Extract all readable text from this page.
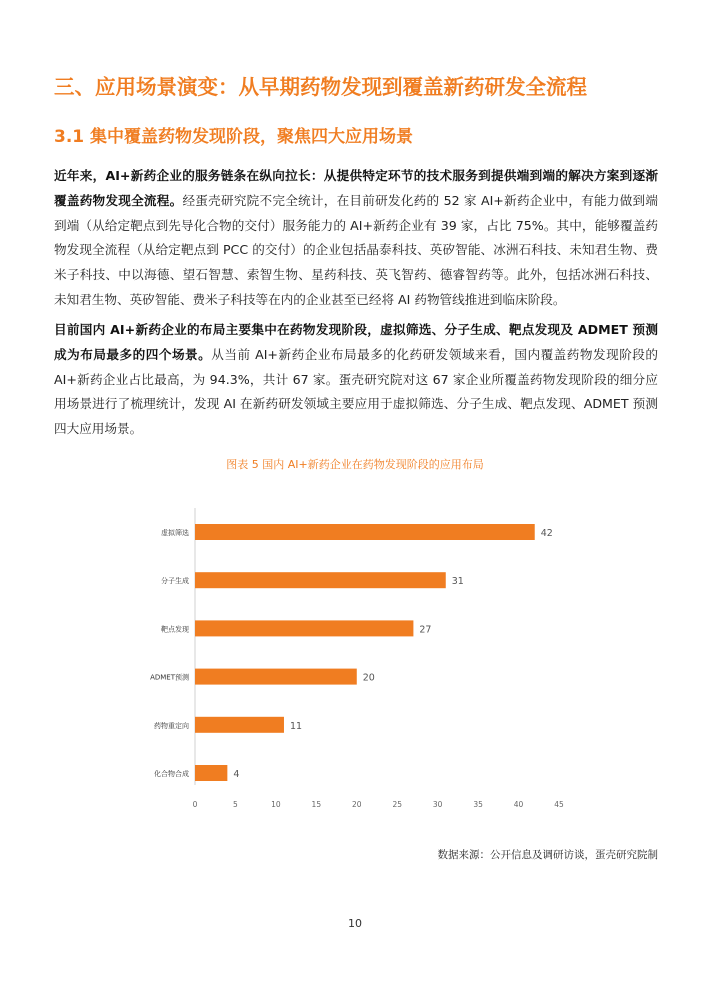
三、应用场景演变：从早期药物发现到覆盖新药研发全流程
3.1 集中覆盖药物发现阶段，聚焦四大应用场景
近年来，AI+新药企业的服务链条在纵向拉长：从提供特定环节的技术服务到提供端到端的解决方案到逐渐覆盖药物发现全流程。经蛋壳研究院不完全统计，在目前研发化药的 52 家 AI+新药企业中，有能力做到端到端（从给定靶点到先导化合物的交付）服务能力的 AI+新药企业有 39 家，占比 75%。其中，能够覆盖药物发现全流程（从给定靶点到 PCC 的交付）的企业包括晶泰科技、英矽智能、冰洲石科技、未知君生物、费米子科技、中以海德、望石智慧、索智生物、星药科技、英飞智药、德睿智药等。此外，包括冰洲石科技、未知君生物、英矽智能、费米子科技等在内的企业甚至已经将 AI 药物管线推进到临床阶段。
目前国内 AI+新药企业的布局主要集中在药物发现阶段，虚拟筛选、分子生成、靶点发现及 ADMET 预测成为布局最多的四个场景。从当前 AI+新药企业布局最多的化药研发领域来看，国内覆盖药物发现阶段的 AI+新药企业占比最高，为 94.3%，共计 67 家。蛋壳研究院对这 67 家企业所覆盖药物发现阶段的细分应用场景进行了梳理统计，发现 AI 在新药研发领域主要应用于虚拟筛选、分子生成、靶点发现、ADMET 预测四大应用场景。
图表 5 国内 AI+新药企业在药物发现阶段的应用布局
虚拟筛选	42
分子生成	31
靶点发现	27
ADMET预测	20
药物重定向	11
化合物合成	4
0	5	10	15	20	25	30	35	40	45
数据来源：公开信息及调研访谈，蛋壳研究院制
10
